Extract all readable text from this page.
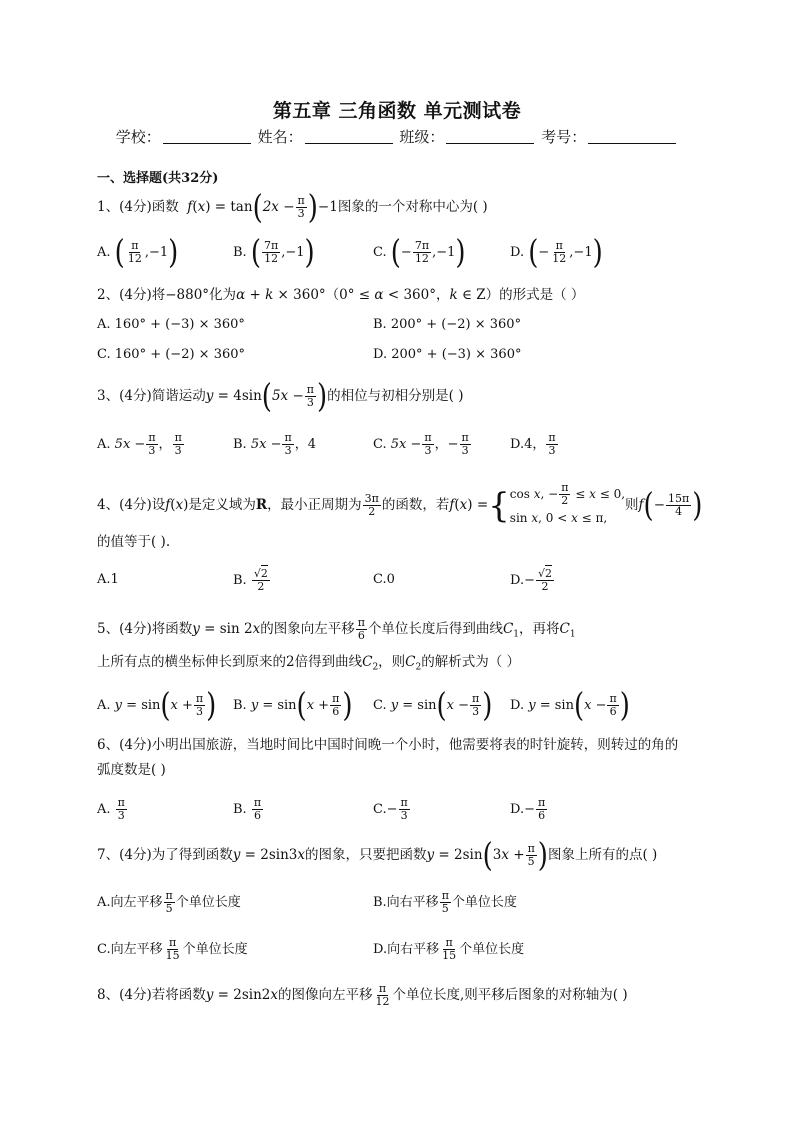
第五章 三角函数 单元测试卷
学校：	姓名：	班级：	考号：
一、选择题(共32分)
1、(4分)函数  $f(x) = \tan(2x - \frac{\pi}{3} )-1$图象的一个对称中心为( )
A. ( $\frac{\pi}{12} ,-1$)	B. ( $\frac{7\pi}{12} ,-1$)	C. (− $\frac{7\pi}{12} ,-1$)	D. (− $\frac{\pi}{12} ,-1$)
2、(4分)将−880°化为α + k × 360°（0° ≤ α < 360°，k ∈ Z）的形式是（ ）
A. 160° + (−3) × 360°	B. 200° + (−2) × 360°
C. 160° + (−2) × 360°	D. 200° + (−3) × 360°
3、(4分)简谐运动$y = 4\sin(5x - \frac{\pi}{3}$ )的相位与初相分别是( )
A. $5x - \frac{\pi}{3}$ ， $\frac{\pi}{3}$	B. $5x - \frac{\pi}{3}$ ，4	C. $5x - \frac{\pi}{3}$ ，− $\frac{\pi}{3}$	D.4， $\frac{\pi}{3}$
4、(4分)设f(x)是定义域为R，最小正周期为 $\frac{3\pi}{2}$ 的函数，若f(x) ={ cos x, − $\frac{\pi}{2} \le x \le 0$,
sin x, 0 < x ≤ π,
则$f(- \frac{15\pi}{4}$ )
的值等于( ).
A.1	B. $\frac{√2}{2}$	C.0	$D.- \frac{√2}{2}$
5、(4分)将函数y = sin 2x的图象向左平移 $\frac{\pi}{6}$ 个单位长度后得到曲线$C_1$，再将$C_1$
上所有点的横坐标伸长到原来的2倍得到曲线$C_2$，则$C_2$的解析式为（ ）
A. $y = \sin(x + \frac{\pi}{3}$ ) B. $y = \sin(x + \frac{\pi}{6}$ ) C. $y = \sin(x - \frac{\pi}{3}$ ) D. $y = \sin(x - \frac{\pi}{6}$ )
6、(4分)小明出国旅游，当地时间比中国时间晚一个小时，他需要将表的时针旋转，则转过的角的
弧度数是( )
A. $\frac{\pi}{3}$	B. $\frac{\pi}{6}$	$C.- \frac{\pi}{3}$	$D.- \frac{\pi}{6}$
7、(4分)为了得到函数y = 2sin3x的图象，只要把函数$y = 2\sin(3x + \frac{\pi}{5}$ )图象上所有的点( )
A.向左平移 $\frac{\pi}{5}$ 个单位长度	B.向右平移 $\frac{\pi}{5}$ 个单位长度
C.向左平移 $\frac{\pi}{15}$ 个单位长度	D.向右平移 $\frac{\pi}{15}$ 个单位长度
8、(4分)若将函数y = 2sin2x的图像向左平移 $\frac{\pi}{12}$ 个单位长度,则平移后图象的对称轴为( )
